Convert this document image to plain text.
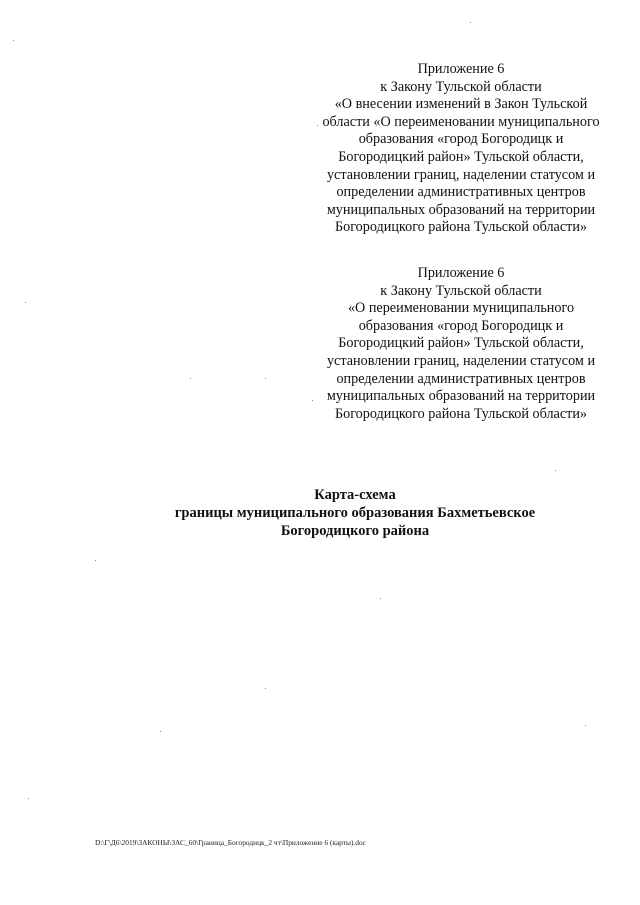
Приложение 6
к Закону Тульской области
«О внесении изменений в Закон Тульской
области «О переименовании муниципального
образования «город Богородицк и
Богородицкий район» Тульской области,
установлении границ, наделении статусом и
определении административных центров
муниципальных образований на территории
Богородицкого района Тульской области»
Приложение 6
к Закону Тульской области
«О переименовании муниципального
образования «город Богородицк и
Богородицкий район» Тульской области,
установлении границ, наделении статусом и
определении административных центров
муниципальных образований на территории
Богородицкого района Тульской области»
Карта-схема
границы муниципального образования Бахметьевское
Богородицкого района
D:\Г\Д6\2019\ЗАКОНЫ\ЗАС_60\Граница_Богородицк_2 чт\Приложение 6 (карты).doc
